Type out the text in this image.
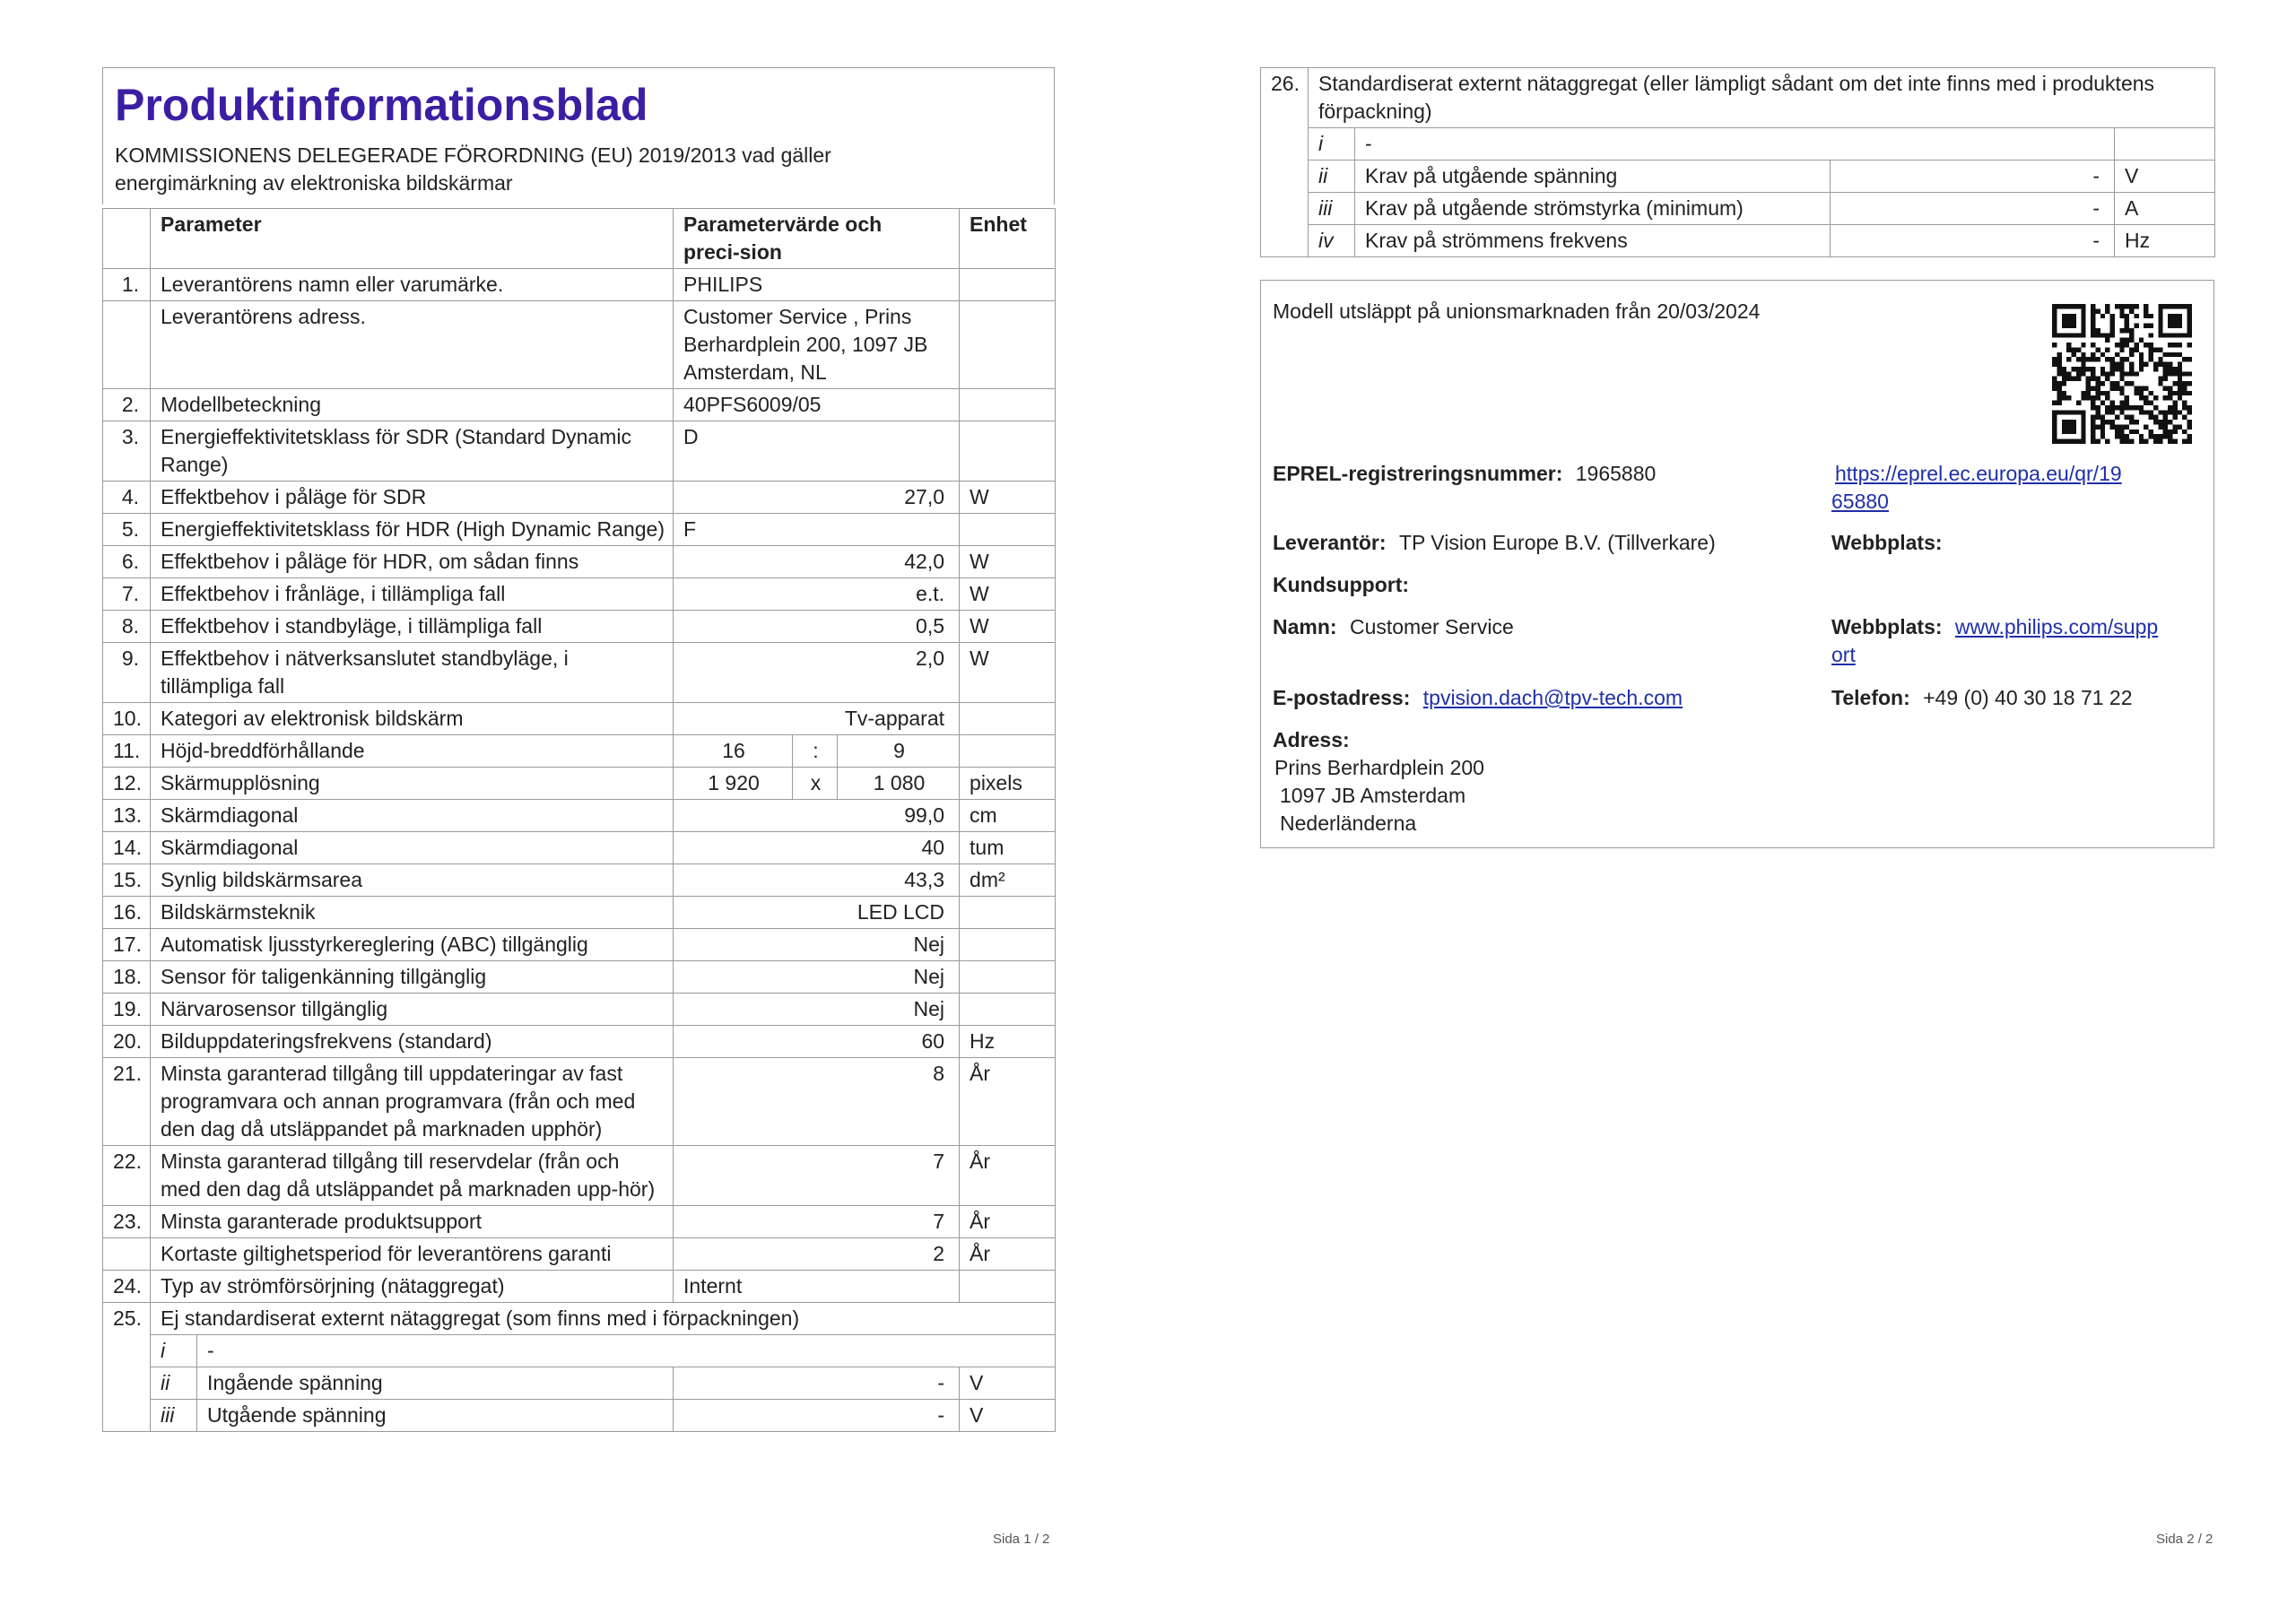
Produktinformationsblad
KOMMISSIONENS DELEGERADE FÖRORDNING (EU) 2019/2013 vad gäller energimärkning av elektroniska bildskärmar
	Parameter		Parametervärde och preci-sion			Enhet
1.	Leverantörens namn eller varumärke.		PHILIPS			
	Leverantörens adress.		Customer Service , Prins Berhardplein 200, 1097 JB Amsterdam, NL			
2.	Modellbeteckning		40PFS6009/05			
3.	Energieffektivitetsklass för SDR (Standard Dynamic Range)		D			
4.	Effektbehov i påläge för SDR		27,0			W
5.	Energieffektivitetsklass för HDR (High Dynamic Range)		F			
6.	Effektbehov i påläge för HDR, om sådan finns		42,0			W
7.	Effektbehov i frånläge, i tillämpliga fall		e.t.			W
8.	Effektbehov i standbyläge, i tillämpliga fall		0,5			W
9.	Effektbehov i nätverksanslutet standbyläge, i tillämpliga fall		2,0			W
10.	Kategori av elektronisk bildskärm		Tv-apparat			
11.	Höjd-breddförhållande		16	:	9	
12.	Skärmupplösning		1 920	x	1 080	pixels
13.	Skärmdiagonal		99,0			cm
14.	Skärmdiagonal		40			tum
15.	Synlig bildskärmsarea		43,3			dm²
16.	Bildskärmsteknik		LED LCD			
17.	Automatisk ljusstyrkereglering (ABC) tillgänglig		Nej			
18.	Sensor för taligenkänning tillgänglig		Nej			
19.	Närvarosensor tillgänglig		Nej			
20.	Bilduppdateringsfrekvens (standard)		60			Hz
21.	Minsta garanterad tillgång till uppdateringar av fast programvara och annan programvara (från och med den dag då utsläppandet på marknaden upphör)		8			År
22.	Minsta garanterad tillgång till reservdelar (från och med den dag då utsläppandet på marknaden upp-hör)		7			År
23.	Minsta garanterade produktsupport		7			År
	Kortaste giltighetsperiod för leverantörens garanti		2			År
24.	Typ av strömförsörjning (nätaggregat)		Internt			
25.	Ej standardiserat externt nätaggregat (som finns med i förpackningen)					
	i	-				
	ii	Ingående spänning	-			V
	iii	Utgående spänning	-			V
26.	Standardiserat externt nätaggregat (eller lämpligt sådant om det inte finns med i produktens förpackning)			
	i	-		
	ii	Krav på utgående spänning	-	V
	iii	Krav på utgående strömstyrka (minimum)	-	A
	iv	Krav på strömmens frekvens	-	Hz
Modell utsläppt på unionsmarknaden från 20/03/2024
EPREL-registreringsnummer: 1965880	https://eprel.ec.europa.eu/qr/19
65880
Leverantör: TP Vision Europe B.V. (Tillverkare)	Webbplats:
Kundsupport:
Namn: Customer Service	Webbplats: www.philips.com/supp
ort
E-postadress: tpvision.dach@tpv-tech.com	Telefon: +49 (0) 40 30 18 71 22
Adress:
Prins Berhardplein 200
1097 JB Amsterdam
Nederländerna
Sida 1 / 2	Sida 2 / 2
